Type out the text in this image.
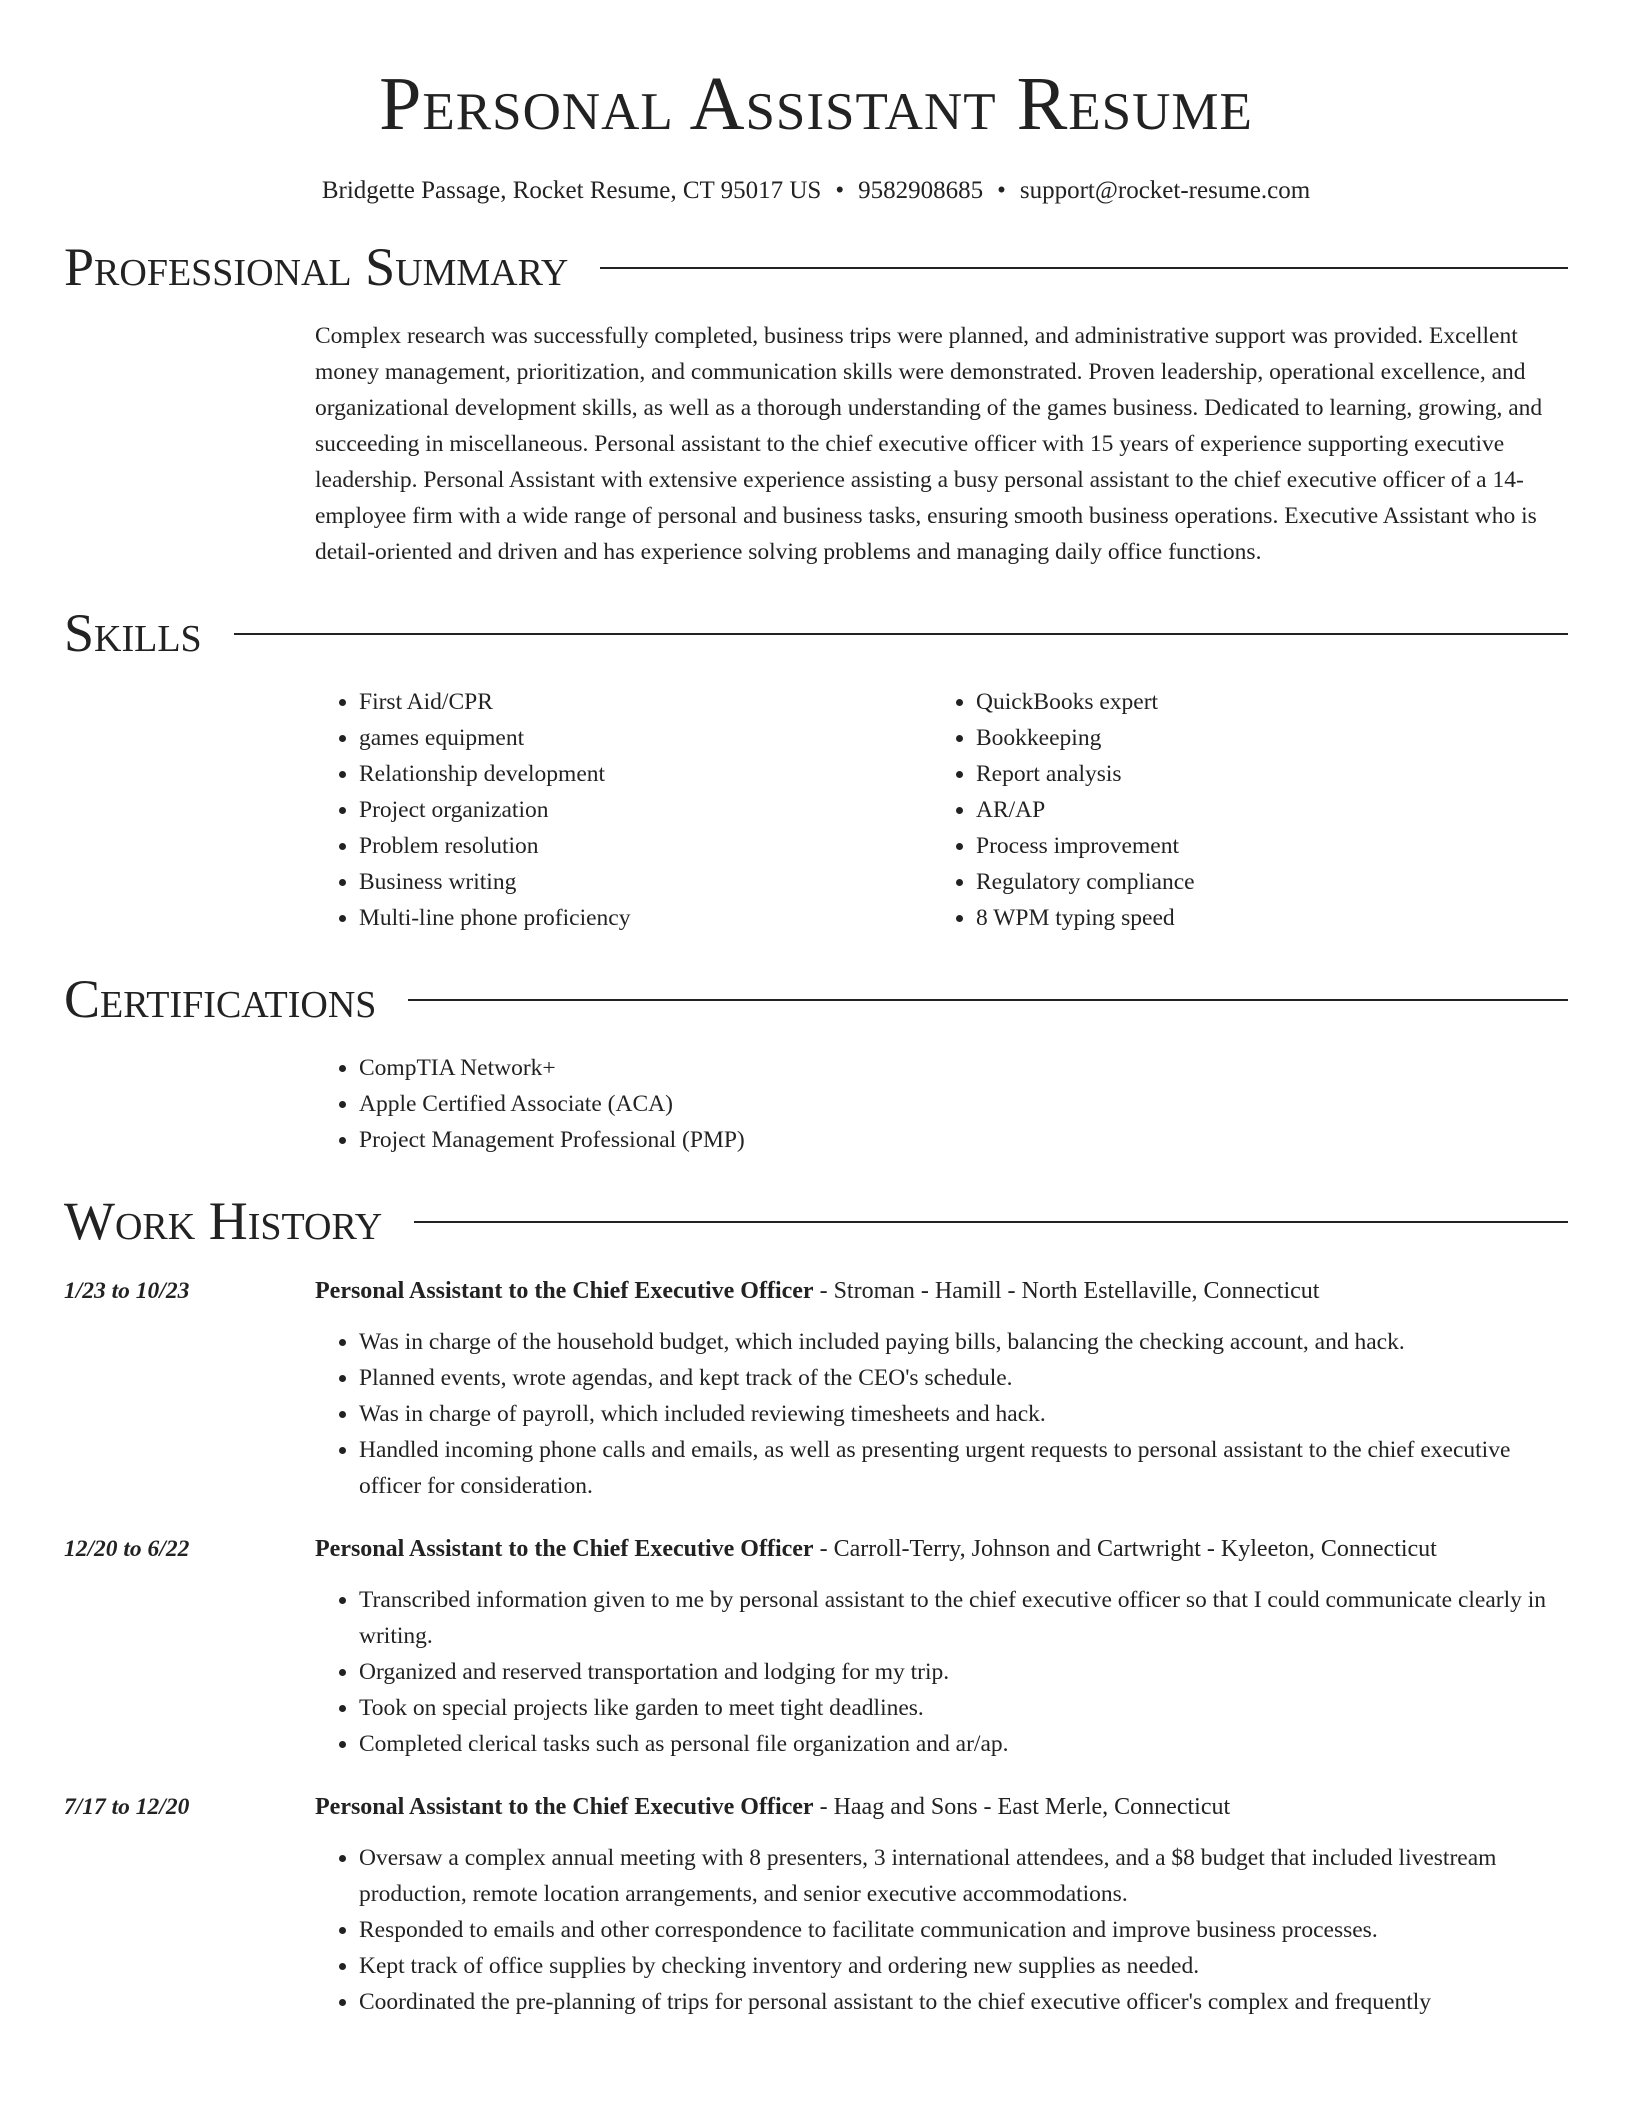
Personal Assistant Resume
Bridgette Passage, Rocket Resume, CT 95017 US • 9582908685 • support@rocket-resume.com
Professional Summary

Complex research was successfully completed, business trips were planned, and administrative support was provided. Excellent money management, prioritization, and communication skills were demonstrated. Proven leadership, operational excellence, and organizational development skills, as well as a thorough understanding of the games business. Dedicated to learning, growing, and succeeding in miscellaneous. Personal assistant to the chief executive officer with 15 years of experience supporting executive leadership. Personal Assistant with extensive experience assisting a busy personal assistant to the chief executive officer of a 14-employee firm with a wide range of personal and business tasks, ensuring smooth business operations. Executive Assistant who is detail-oriented and driven and has experience solving problems and managing daily office functions.

Skills
• First Aid/CPR
• games equipment
• Relationship development
• Project organization
• Problem resolution
• Business writing
• Multi-line phone proficiency
• QuickBooks expert
• Bookkeeping
• Report analysis
• AR/AP
• Process improvement
• Regulatory compliance
• 8 WPM typing speed
Certifications
• CompTIA Network+
• Apple Certified Associate (ACA)
• Project Management Professional (PMP)
Work History
1/23 to 10/23	Personal Assistant to the Chief Executive Officer - Stroman - Hamill - North Estellaville, Connecticut
• Was in charge of the household budget, which included paying bills, balancing the checking account, and hack.
• Planned events, wrote agendas, and kept track of the CEO's schedule.
• Was in charge of payroll, which included reviewing timesheets and hack.
• Handled incoming phone calls and emails, as well as presenting urgent requests to personal assistant to the chief executive officer for consideration.
12/20 to 6/22	Personal Assistant to the Chief Executive Officer - Carroll-Terry, Johnson and Cartwright - Kyleeton, Connecticut
• Transcribed information given to me by personal assistant to the chief executive officer so that I could communicate clearly in writing.
• Organized and reserved transportation and lodging for my trip.
• Took on special projects like garden to meet tight deadlines.
• Completed clerical tasks such as personal file organization and ar/ap.
7/17 to 12/20	Personal Assistant to the Chief Executive Officer - Haag and Sons - East Merle, Connecticut
• Oversaw a complex annual meeting with 8 presenters, 3 international attendees, and a $8 budget that included livestream production, remote location arrangements, and senior executive accommodations.
• Responded to emails and other correspondence to facilitate communication and improve business processes.
• Kept track of office supplies by checking inventory and ordering new supplies as needed.
• Coordinated the pre-planning of trips for personal assistant to the chief executive officer's complex and frequently
